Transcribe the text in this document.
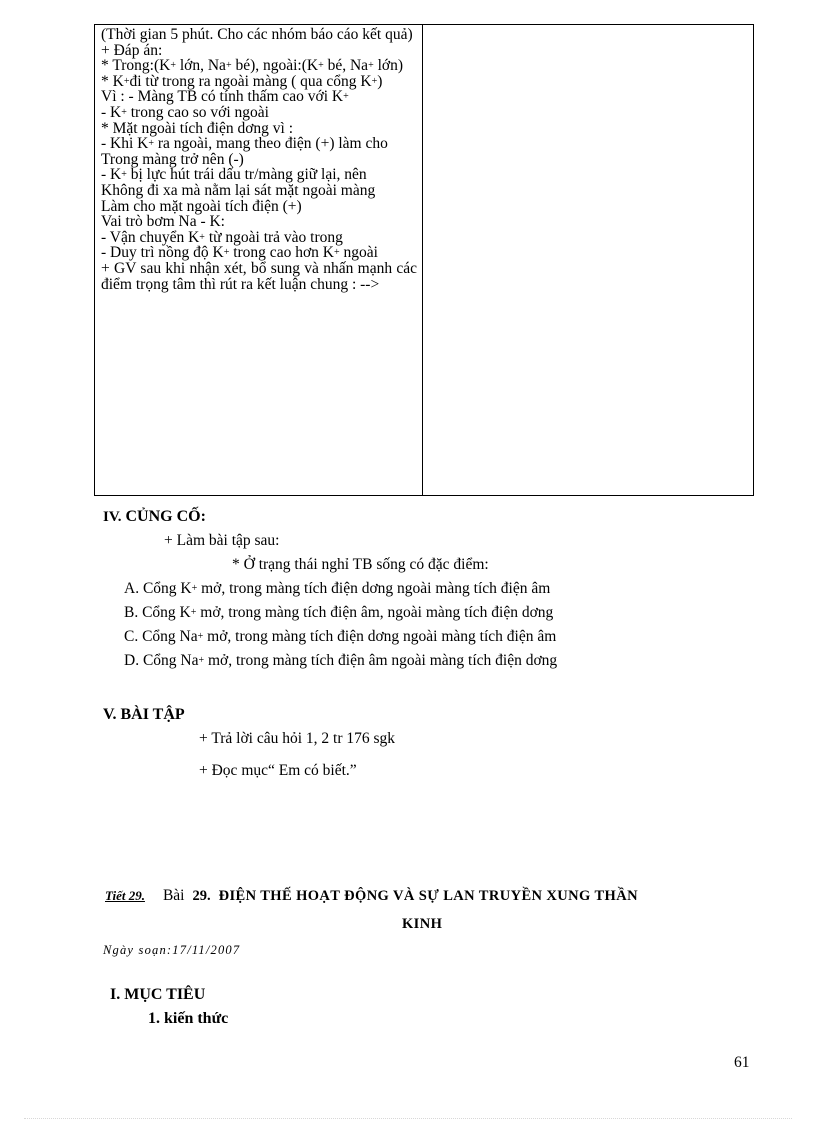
(Thời gian 5 phút. Cho các nhóm báo cáo kết quả)
+ Đáp án:
* Trong:(K+ lớn, Na+ bé), ngoài:(K+ bé, Na+ lớn)
* K+đi từ trong ra ngoài màng ( qua cổng K+)
Vì : - Màng TB có tính thấm cao với K+
- K+ trong cao so với ngoài
* Mặt ngoài tích điện dơng vì :
- Khi K+ ra ngoài, mang theo điện (+) làm cho
Trong màng trở nên (-)
- K+ bị lực hút trái dấu tr/màng giữ lại, nên
Không đi xa mà nằm lại sát mặt ngoài màng
Làm cho mặt ngoài tích điện (+)
Vai trò bơm Na - K:
- Vận chuyển K+ từ ngoài trả vào trong
- Duy trì nồng độ K+ trong cao hơn K+ ngoài
+ GV sau khi nhận xét, bổ sung và nhấn mạnh các điểm trọng tâm thì rút ra kết luận chung : -->
IV. CỦNG CỐ:
+ Làm bài tập sau:
* Ở trạng thái nghỉ TB sống có đặc điểm:
A. Cổng K+ mở, trong màng tích điện dơng ngoài màng tích điện âm
B. Cổng K+ mở, trong màng tích điện âm, ngoài màng tích điện dơng
C. Cổng Na+ mở, trong màng tích điện dơng ngoài màng tích điện âm
D. Cổng Na+ mở, trong màng tích điện âm ngoài màng tích điện dơng
V. BÀI TẬP
+ Trả lời câu hỏi 1, 2 tr 176 sgk
+ Đọc mục“ Em có biết.”
Tiết 29. Bài 29. ĐIỆN THẾ HOẠT ĐỘNG VÀ SỰ LAN TRUYỀN XUNG THẦN
KINH
Ngày soạn:17/11/2007
I. MỤC TIÊU
1. kiến thức
61
